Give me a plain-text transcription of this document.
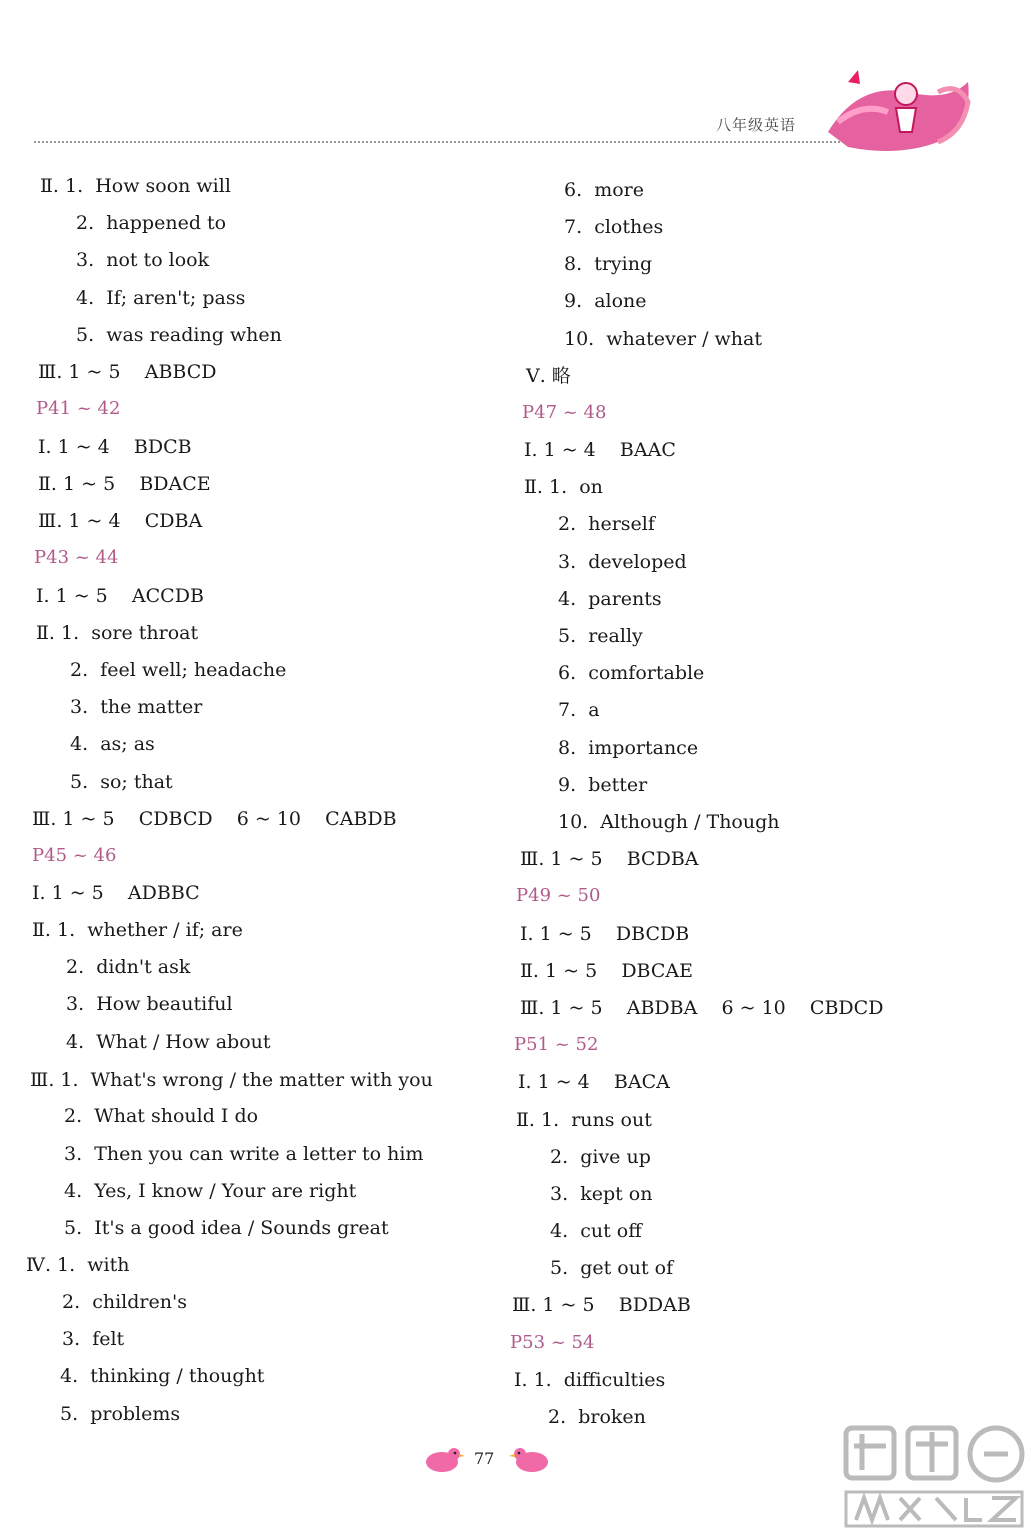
八年级英语
Ⅱ. 1.  How soon will
2.  happened to
3.  not to look
4.  If; aren't; pass
5.  was reading when
Ⅲ. 1 ~ 5    ABBCD
P41 ~ 42
Ⅰ. 1 ~ 4    BDCB
Ⅱ. 1 ~ 5    BDACE
Ⅲ. 1 ~ 4    CDBA
P43 ~ 44
Ⅰ. 1 ~ 5    ACCDB
Ⅱ. 1.  sore throat
2.  feel well; headache
3.  the matter
4.  as; as
5.  so; that
Ⅲ. 1 ~ 5    CDBCD    6 ~ 10    CABDB
P45 ~ 46
Ⅰ. 1 ~ 5    ADBBC
Ⅱ. 1.  whether / if; are
2.  didn't ask
3.  How beautiful
4.  What / How about
Ⅲ. 1.  What's wrong / the matter with you
2.  What should I do
3.  Then you can write a letter to him
4.  Yes, I know / Your are right
5.  It's a good idea / Sounds great
Ⅳ. 1.  with
2.  children's
3.  felt
4.  thinking / thought
5.  problems
6.  more
7.  clothes
8.  trying
9.  alone
10.  whatever / what
Ⅴ. 略
P47 ~ 48
Ⅰ. 1 ~ 4    BAAC
Ⅱ. 1.  on
2.  herself
3.  developed
4.  parents
5.  really
6.  comfortable
7.  a
8.  importance
9.  better
10.  Although / Though
Ⅲ. 1 ~ 5    BCDBA
P49 ~ 50
Ⅰ. 1 ~ 5    DBCDB
Ⅱ. 1 ~ 5    DBCAE
Ⅲ. 1 ~ 5    ABDBA    6 ~ 10    CBDCD
P51 ~ 52
Ⅰ. 1 ~ 4    BACA
Ⅱ. 1.  runs out
2.  give up
3.  kept on
4.  cut off
5.  get out of
Ⅲ. 1 ~ 5    BDDAB
P53 ~ 54
Ⅰ. 1.  difficulties
2.  broken
77
